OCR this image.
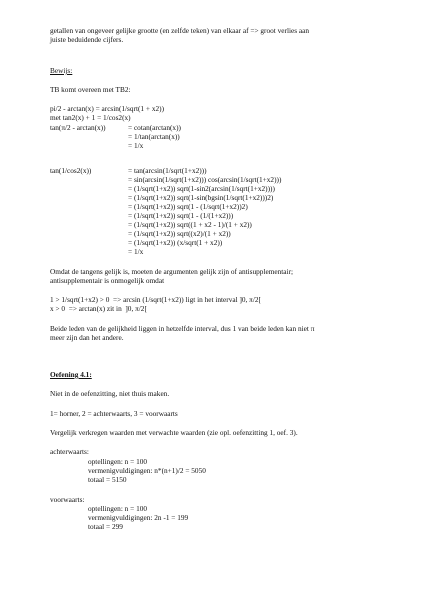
getallen van ongeveer gelijke grootte (en zelfde teken) van elkaar af => groot verlies aan
juiste beduidende cijfers.
Bewijs:
TB komt overeen met TB2:
pi/2 - arctan(x) = arcsin(1/sqrt(1 + x2))
met tan2(x) + 1 = 1/cos2(x)
tan(π/2 - arctan(x))	= cotan(arctan(x))
= 1/tan(arctan(x))
= 1/x
tan(1/cos2(x))	= tan(arcsin(1/sqrt(1+x2)))
= sin(arcsin(1/sqrt(1+x2))) cos(arcsin(1/sqrt(1+x2)))
= (1/sqrt(1+x2)) sqrt(1-sin2(arcsin(1/sqrt(1+x2))))
= (1/sqrt(1+x2)) sqrt(1-sin(bgsin(1/sqrt(1+x2)))2)
= (1/sqrt(1+x2)) sqrt(1 - (1/sqrt(1+x2))2)
= (1/sqrt(1+x2)) sqrt(1 - (1/(1+x2)))
= (1/sqrt(1+x2)) sqrt((1 + x2 - 1)/(1 + x2))
= (1/sqrt(1+x2)) sqrt((x2)/(1 + x2))
= (1/sqrt(1+x2)) (x/sqrt(1 + x2))
= 1/x
Omdat de tangens gelijk is, moeten de argumenten gelijk zijn of antisupplementair;
antisupplementair is onmogelijk omdat
1 > 1/sqrt(1+x2) > 0  => arcsin (1/sqrt(1+x2)) ligt in het interval ]0, π/2[
x > 0  => arctan(x) zit in  ]0, π/2[
Beide leden van de gelijkheid liggen in hetzelfde interval, dus 1 van beide leden kan niet π
meer zijn dan het andere.
Oefening 4.1:
Niet in de oefenzitting, niet thuis maken.
1= horner, 2 = achterwaarts, 3 = voorwaarts
Vergelijk verkregen waarden met verwachte waarden (zie opl. oefenzitting 1, oef. 3).
achterwaarts:
optellingen: n = 100
vermenigvuldigingen: n*(n+1)/2 = 5050
totaal = 5150
voorwaarts:
optellingen: n = 100
vermenigvuldigingen: 2n -1 = 199
totaal = 299
